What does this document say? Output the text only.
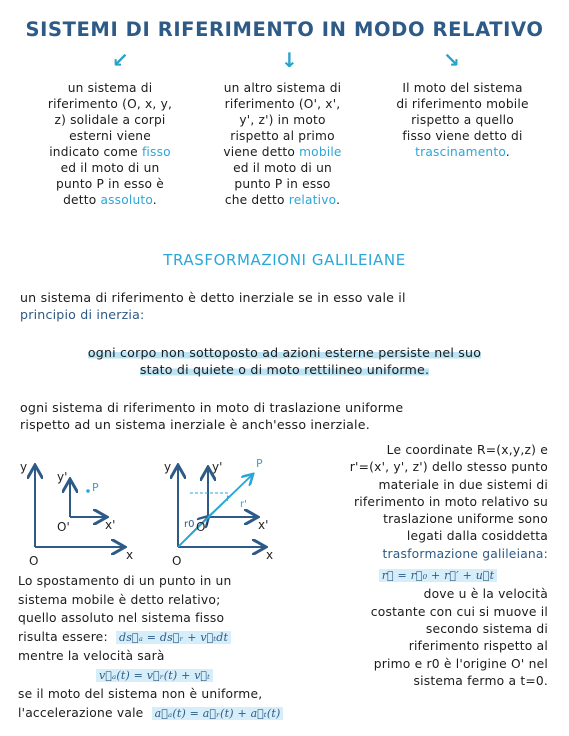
SISTEMI DI RIFERIMENTO IN MODO RELATIVO
↙	↓	↘
un sistema di
riferimento (O, x, y,
z) solidale a corpi
esterni viene
indicato come fisso
ed il moto di un
punto P in esso è
detto assoluto.
un altro sistema di
riferimento (O', x',
y', z') in moto
rispetto al primo
viene detto mobile
ed il moto di un
punto P in esso
che detto relativo.
Il moto del sistema
di riferimento mobile
rispetto a quello
fisso viene detto di
trascinamento.
TRASFORMAZIONI GALILEIANE
un sistema di riferimento è detto inerziale se in esso vale il
principio di inerzia:
ogni corpo non sottoposto ad azioni esterne persiste nel suo
stato di quiete o di moto rettilineo uniforme.
ogni sistema di riferimento in moto di traslazione uniforme
rispetto ad un sistema inerziale è anch'esso inerziale.
y
x
O
y'
x'
O'
P
y
x
O
y'
x'
O'
P
r
r'
r0
Le coordinate R=(x,y,z) e
r'=(x', y', z') dello stesso punto
materiale in due sistemi di
riferimento in moto relativo su
traslazione uniforme sono
legati dalla cosiddetta
trasformazione galileiana:
r⃗ = r⃗₀ + r⃗′ + u⃗t
dove u è la velocità
costante con cui si muove il
secondo sistema di
riferimento rispetto al
primo e r0 è l'origine O' nel
sistema fermo a t=0.
Lo spostamento di un punto in un
sistema mobile è detto relativo;
quello assoluto nel sistema fisso
risulta essere: ds⃗ₐ = ds⃗ᵣ + v⃗ₜdt
mentre la velocità sarà
v⃗ₐ(t) = v⃗ᵣ(t) + v⃗ₜ
se il moto del sistema non è uniforme,
l'accelerazione vale a⃗ₐ(t) = a⃗ᵣ(t) + a⃗ₜ(t)
